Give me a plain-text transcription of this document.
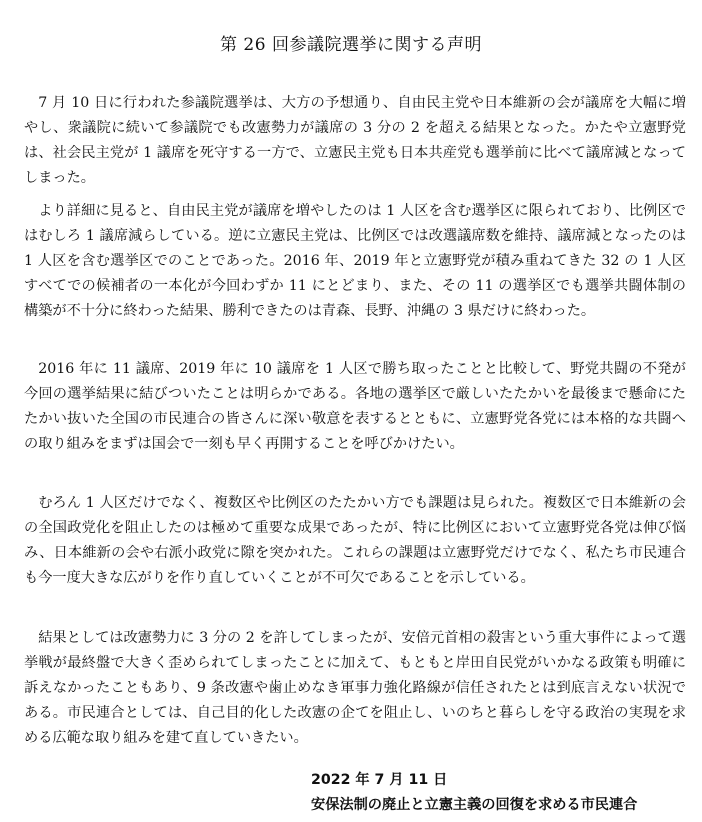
第 26 回参議院選挙に関する声明

7 月 10 日に行われた参議院選挙は、大方の予想通り、自由民主党や日本維新の会が議席を大幅に増やし、衆議院に続いて参議院でも改憲勢力が議席の 3 分の 2 を超える結果となった。かたや立憲野党は、社会民主党が 1 議席を死守する一方で、立憲民主党も日本共産党も選挙前に比べて議席減となってしまった。

より詳細に見ると、自由民主党が議席を増やしたのは 1 人区を含む選挙区に限られており、比例区ではむしろ 1 議席減らしている。逆に立憲民主党は、比例区では改選議席数を維持、議席減となったのは 1 人区を含む選挙区でのことであった。2016 年、2019 年と立憲野党が積み重ねてきた 32 の 1 人区すべてでの候補者の一本化が今回わずか 11 にとどまり、また、その 11 の選挙区でも選挙共闘体制の構築が不十分に終わった結果、勝利できたのは青森、長野、沖縄の 3 県だけに終わった。

2016 年に 11 議席、2019 年に 10 議席を 1 人区で勝ち取ったことと比較して、野党共闘の不発が今回の選挙結果に結びついたことは明らかである。各地の選挙区で厳しいたたかいを最後まで懸命にたたかい抜いた全国の市民連合の皆さんに深い敬意を表するとともに、立憲野党各党には本格的な共闘への取り組みをまずは国会で一刻も早く再開することを呼びかけたい。

むろん 1 人区だけでなく、複数区や比例区のたたかい方でも課題は見られた。複数区で日本維新の会の全国政党化を阻止したのは極めて重要な成果であったが、特に比例区において立憲野党各党は伸び悩み、日本維新の会や右派小政党に隙を突かれた。これらの課題は立憲野党だけでなく、私たち市民連合も今一度大きな広がりを作り直していくことが不可欠であることを示している。

結果としては改憲勢力に 3 分の 2 を許してしまったが、安倍元首相の殺害という重大事件によって選挙戦が最終盤で大きく歪められてしまったことに加えて、もともと岸田自民党がいかなる政策も明確に訴えなかったこともあり、9 条改憲や歯止めなき軍事力強化路線が信任されたとは到底言えない状況である。市民連合としては、自己目的化した改憲の企てを阻止し、いのちと暮らしを守る政治の実現を求める広範な取り組みを建て直していきたい。

2022 年 7 月 11 日
安保法制の廃止と立憲主義の回復を求める市民連合
